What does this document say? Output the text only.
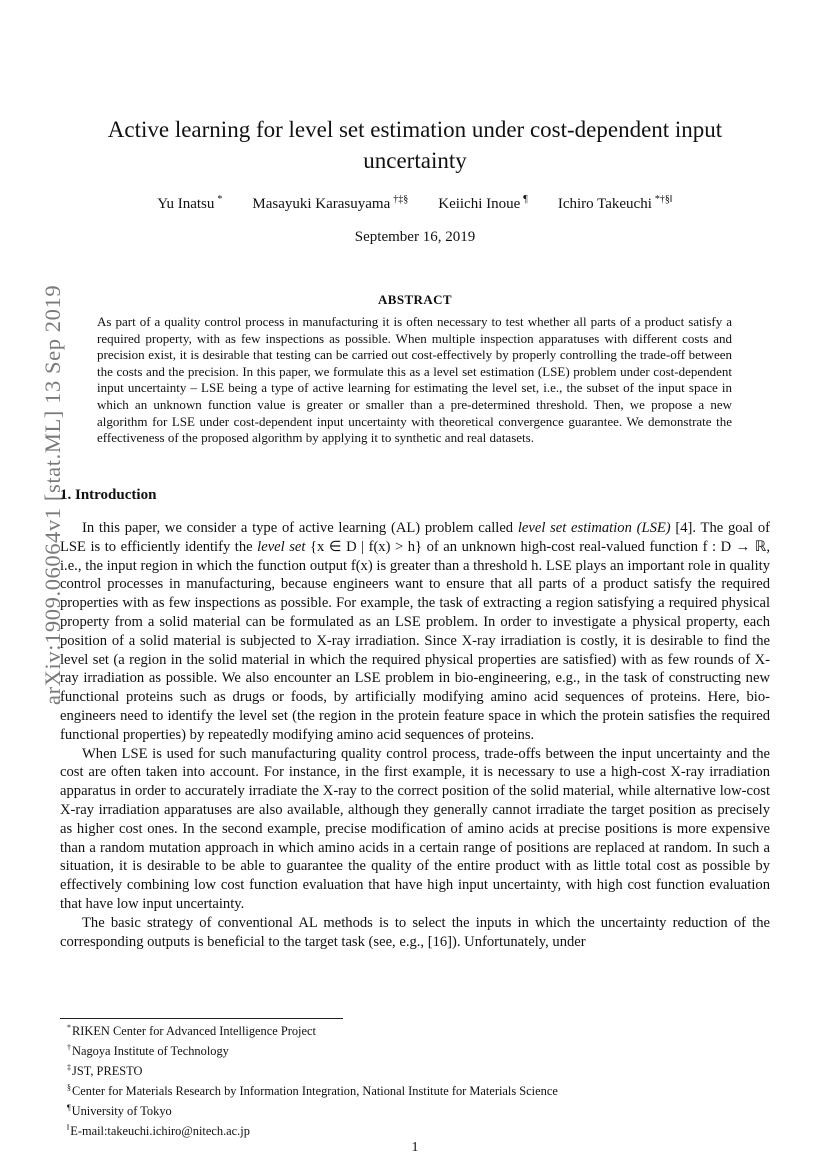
arXiv:1909.06064v1 [stat.ML] 13 Sep 2019
Active learning for level set estimation under cost-dependent input uncertainty
Yu Inatsu * Masayuki Karasuyama †‡§ Keiichi Inoue ¶ Ichiro Takeuchi *†§‖
September 16, 2019
ABSTRACT
As part of a quality control process in manufacturing it is often necessary to test whether all parts of a product satisfy a required property, with as few inspections as possible. When multiple inspection apparatuses with different costs and precision exist, it is desirable that testing can be carried out cost-effectively by properly controlling the trade-off between the costs and the precision. In this paper, we formulate this as a level set estimation (LSE) problem under cost-dependent input uncertainty – LSE being a type of active learning for estimating the level set, i.e., the subset of the input space in which an unknown function value is greater or smaller than a pre-determined threshold. Then, we propose a new algorithm for LSE under cost-dependent input uncertainty with theoretical convergence guarantee. We demonstrate the effectiveness of the proposed algorithm by applying it to synthetic and real datasets.
1. Introduction

In this paper, we consider a type of active learning (AL) problem called level set estimation (LSE) [4]. The goal of LSE is to efficiently identify the level set {x ∈ D | f(x) > h} of an unknown high-cost real-valued function f : D → ℝ, i.e., the input region in which the function output f(x) is greater than a threshold h. LSE plays an important role in quality control processes in manufacturing, because engineers want to ensure that all parts of a product satisfy the required properties with as few inspections as possible. For example, the task of extracting a region satisfying a required physical property from a solid material can be formulated as an LSE problem. In order to investigate a physical property, each position of a solid material is subjected to X-ray irradiation. Since X-ray irradiation is costly, it is desirable to find the level set (a region in the solid material in which the required physical properties are satisfied) with as few rounds of X-ray irradiation as possible. We also encounter an LSE problem in bio-engineering, e.g., in the task of constructing new functional proteins such as drugs or foods, by artificially modifying amino acid sequences of proteins. Here, bio-engineers need to identify the level set (the region in the protein feature space in which the protein satisfies the required functional properties) by repeatedly modifying amino acid sequences of proteins.

When LSE is used for such manufacturing quality control process, trade-offs between the input uncertainty and the cost are often taken into account. For instance, in the first example, it is necessary to use a high-cost X-ray irradiation apparatus in order to accurately irradiate the X-ray to the correct position of the solid material, while alternative low-cost X-ray irradiation apparatuses are also available, although they generally cannot irradiate the target position as precisely as higher cost ones. In the second example, precise modification of amino acids at precise positions is more expensive than a random mutation approach in which amino acids in a certain range of positions are replaced at random. In such a situation, it is desirable to be able to guarantee the quality of the entire product with as little total cost as possible by effectively combining low cost function evaluation that have high input uncertainty, with high cost function evaluation that have low input uncertainty.

The basic strategy of conventional AL methods is to select the inputs in which the uncertainty reduction of the corresponding outputs is beneficial to the target task (see, e.g., [16]). Unfortunately, under

*RIKEN Center for Advanced Intelligence Project
†Nagoya Institute of Technology
‡JST, PRESTO
§Center for Materials Research by Information Integration, National Institute for Materials Science
¶University of Tokyo
‖E-mail:takeuchi.ichiro@nitech.ac.jp
1
